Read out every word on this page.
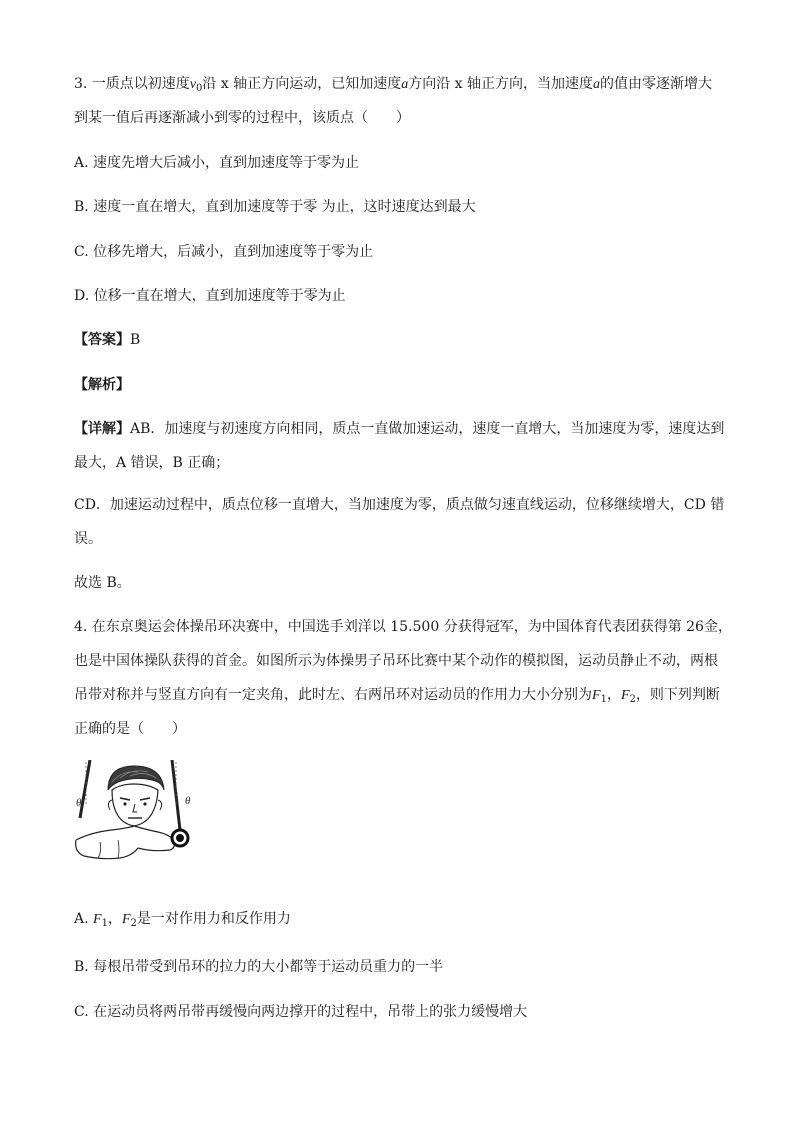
3. 一质点以初速度$v_0$沿 x 轴正方向运动，已知加速度a方向沿 x 轴正方向，当加速度a的值由零逐渐增大
到某一值后再逐渐减小到零的过程中，该质点（　　）
A. 速度先增大后减小，直到加速度等于零为止
B. 速度一直在增大，直到加速度等于零 为止，这时速度达到最大
C. 位移先增大，后减小，直到加速度等于零为止
D. 位移一直在增大，直到加速度等于零为止
【答案】B
【解析】
【详解】AB．加速度与初速度方向相同，质点一直做加速运动，速度一直增大，当加速度为零，速度达到
最大，A 错误，B 正确；
CD．加速运动过程中，质点位移一直增大，当加速度为零，质点做匀速直线运动，位移继续增大，CD 错
误。
故选 B。
4. 在东京奥运会体操吊环决赛中，中国选手刘洋以 15.500 分获得冠军，为中国体育代表团获得第 26金，
也是中国体操队获得的首金。如图所示为体操男子吊环比赛中某个动作的模拟图，运动员静止不动，两根
吊带对称并与竖直方向有一定夹角，此时左、右两吊环对运动员的作用力大小分别为$F_1$，$F_2$，则下列判断
正确的是（　　）
θ	θ
A. $F_1$，$F_2$是一对作用力和反作用力
B. 每根吊带受到吊环的拉力的大小都等于运动员重力的一半
C. 在运动员将两吊带再缓慢向两边撑开的过程中，吊带上的张力缓慢增大
